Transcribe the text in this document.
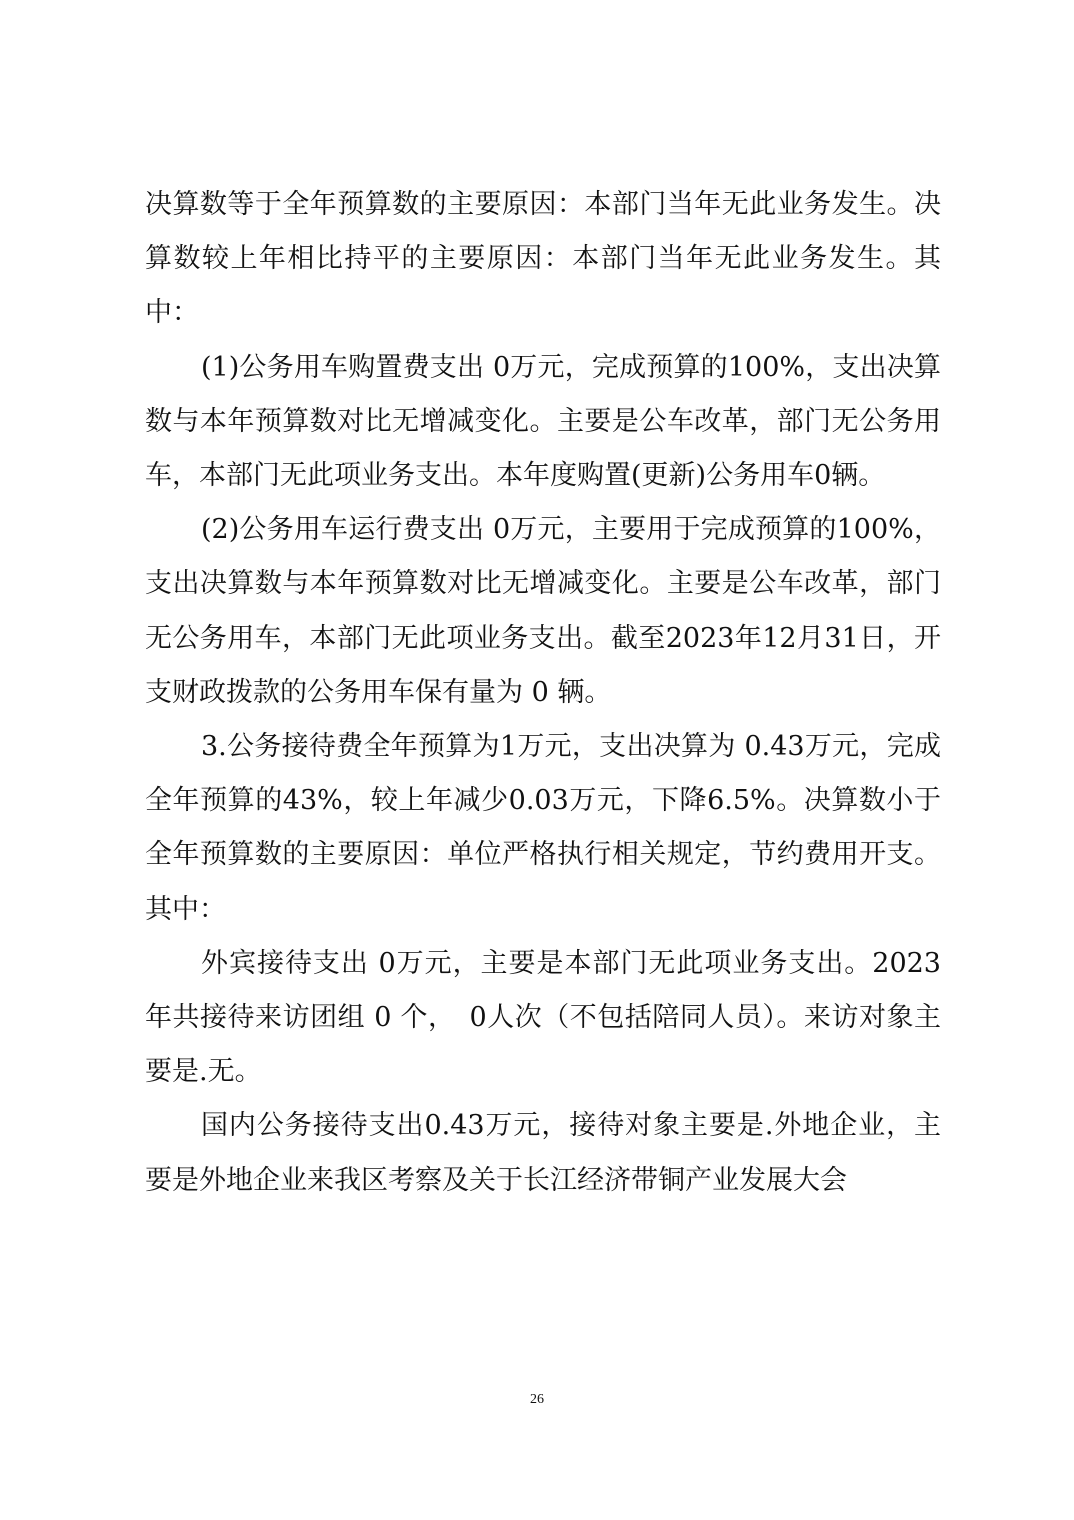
决算数等于全年预算数的主要原因：本部门当年无此业务发生。决算数较上年相比持平的主要原因：本部门当年无此业务发生。其中：

(1)公务用车购置费支出 0万元，完成预算的100%，支出决算数与本年预算数对比无增减变化。主要是公车改革，部门无公务用车，本部门无此项业务支出。本年度购置(更新)公务用车0辆。

(2)公务用车运行费支出 0万元，主要用于完成预算的100%，支出决算数与本年预算数对比无增减变化。主要是公车改革，部门无公务用车，本部门无此项业务支出。截至2023年12月31日，开支财政拨款的公务用车保有量为 0 辆。

3.公务接待费全年预算为1万元，支出决算为 0.43万元，完成全年预算的43%，较上年减少0.03万元，下降6.5%。决算数小于全年预算数的主要原因：单位严格执行相关规定，节约费用开支。其中：

外宾接待支出 0万元，主要是本部门无此项业务支出。2023年共接待来访团组 0 个，　0人次（不包括陪同人员）。来访对象主要是.无。

国内公务接待支出0.43万元，接待对象主要是.外地企业，主要是外地企业来我区考察及关于长江经济带铜产业发展大会

26
